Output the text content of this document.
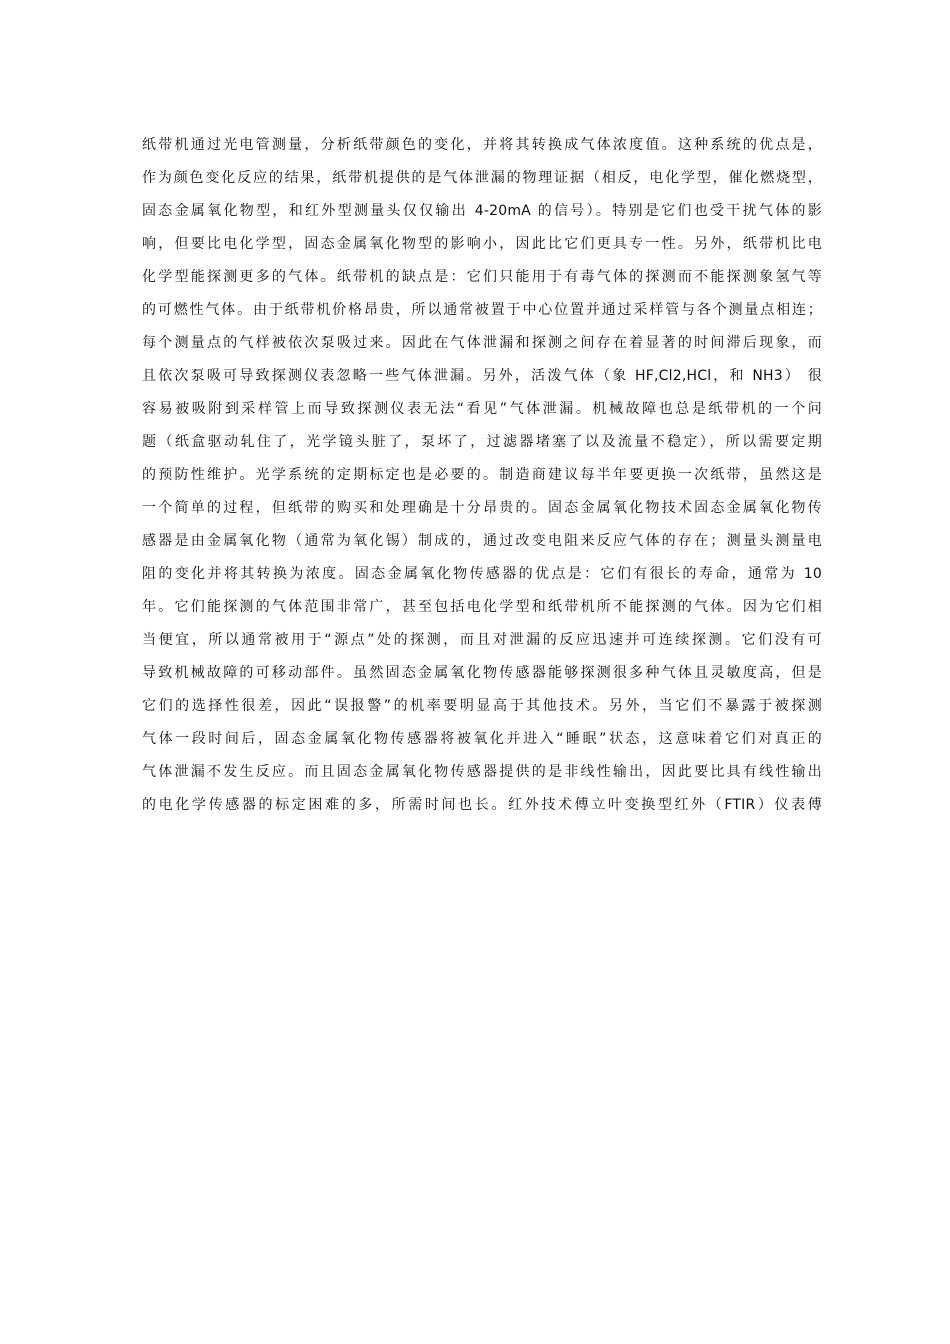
纸带机通过光电管测量，分析纸带颜色的变化，并将其转换成气体浓度值。这种系统的优点是，
作为颜色变化反应的结果，纸带机提供的是气体泄漏的物理证据（相反，电化学型，催化燃烧型，
固态金属氧化物型，和红外型测量头仅仅输出 4-20mA 的信号）。特别是它们也受干扰气体的影
响，但要比电化学型，固态金属氧化物型的影响小，因此比它们更具专一性。另外，纸带机比电
化学型能探测更多的气体。纸带机的缺点是：它们只能用于有毒气体的探测而不能探测象氢气等
的可燃性气体。由于纸带机价格昂贵，所以通常被置于中心位置并通过采样管与各个测量点相连；
每个测量点的气样被依次泵吸过来。因此在气体泄漏和探测之间存在着显著的时间滞后现象，而
且依次泵吸可导致探测仪表忽略一些气体泄漏。另外，活泼气体（象 HF,Cl2,HCl，和 NH3） 很
容易被吸附到采样管上而导致探测仪表无法“看见”气体泄漏。机械故障也总是纸带机的一个问
题（纸盒驱动轧住了，光学镜头脏了，泵坏了，过滤器堵塞了以及流量不稳定），所以需要定期
的预防性维护。光学系统的定期标定也是必要的。制造商建议每半年要更换一次纸带，虽然这是
一个简单的过程，但纸带的购买和处理确是十分昂贵的。固态金属氧化物技术固态金属氧化物传
感器是由金属氧化物（通常为氧化锡）制成的，通过改变电阻来反应气体的存在；测量头测量电
阻的变化并将其转换为浓度。固态金属氧化物传感器的优点是：它们有很长的寿命，通常为 10
年。它们能探测的气体范围非常广，甚至包括电化学型和纸带机所不能探测的气体。因为它们相
当便宜，所以通常被用于“源点”处的探测，而且对泄漏的反应迅速并可连续探测。它们没有可
导致机械故障的可移动部件。虽然固态金属氧化物传感器能够探测很多种气体且灵敏度高，但是
它们的选择性很差，因此“误报警”的机率要明显高于其他技术。另外，当它们不暴露于被探测
气体一段时间后，固态金属氧化物传感器将被氧化并进入“睡眠”状态，这意味着它们对真正的
气体泄漏不发生反应。而且固态金属氧化物传感器提供的是非线性输出，因此要比具有线性输出
的电化学传感器的标定困难的多，所需时间也长。红外技术傅立叶变换型红外（FTIR）仪表傅
